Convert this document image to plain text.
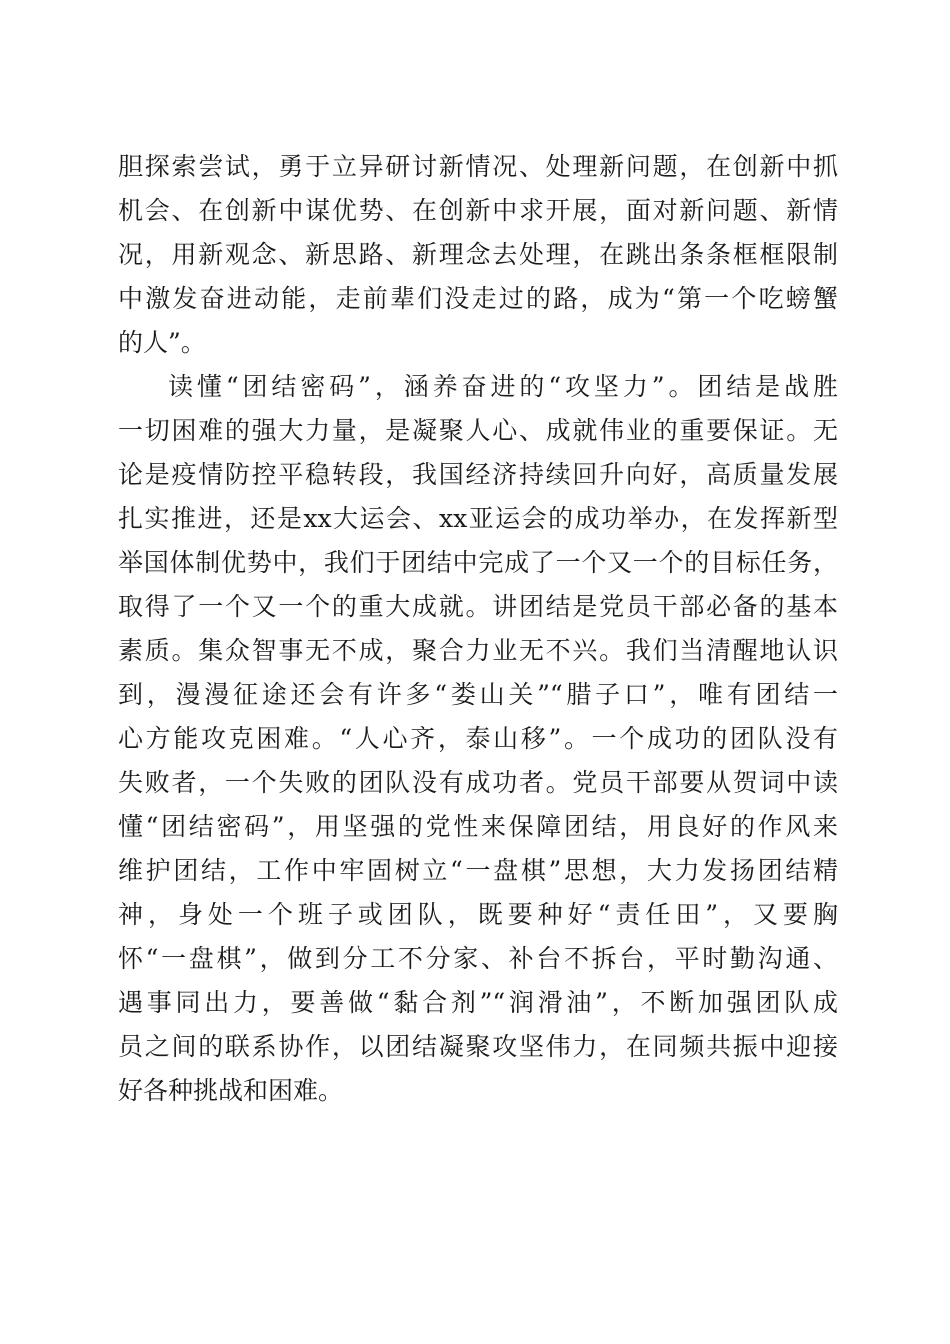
胆探索尝试，勇于立异研讨新情况、处理新问题，在创新中抓
机会、在创新中谋优势、在创新中求开展，面对新问题、新情
况，用新观念、新思路、新理念去处理，在跳出条条框框限制
中激发奋进动能，走前辈们没走过的路，成为“第一个吃螃蟹
的人”。
读懂“团结密码”，涵养奋进的“攻坚力”。团结是战胜
一切困难的强大力量，是凝聚人心、成就伟业的重要保证。无
论是疫情防控平稳转段，我国经济持续回升向好，高质量发展
扎实推进，还是xx大运会、xx亚运会的成功举办，在发挥新型
举国体制优势中，我们于团结中完成了一个又一个的目标任务，
取得了一个又一个的重大成就。讲团结是党员干部必备的基本
素质。集众智事无不成，聚合力业无不兴。我们当清醒地认识
到，漫漫征途还会有许多“娄山关”“腊子口”，唯有团结一
心方能攻克困难。“人心齐，泰山移”。一个成功的团队没有
失败者，一个失败的团队没有成功者。党员干部要从贺词中读
懂“团结密码”，用坚强的党性来保障团结，用良好的作风来
维护团结，工作中牢固树立“一盘棋”思想，大力发扬团结精
神，身处一个班子或团队，既要种好“责任田”，又要胸
怀“一盘棋”，做到分工不分家、补台不拆台，平时勤沟通、
遇事同出力，要善做“黏合剂”“润滑油”，不断加强团队成
员之间的联系协作，以团结凝聚攻坚伟力，在同频共振中迎接
好各种挑战和困难。
